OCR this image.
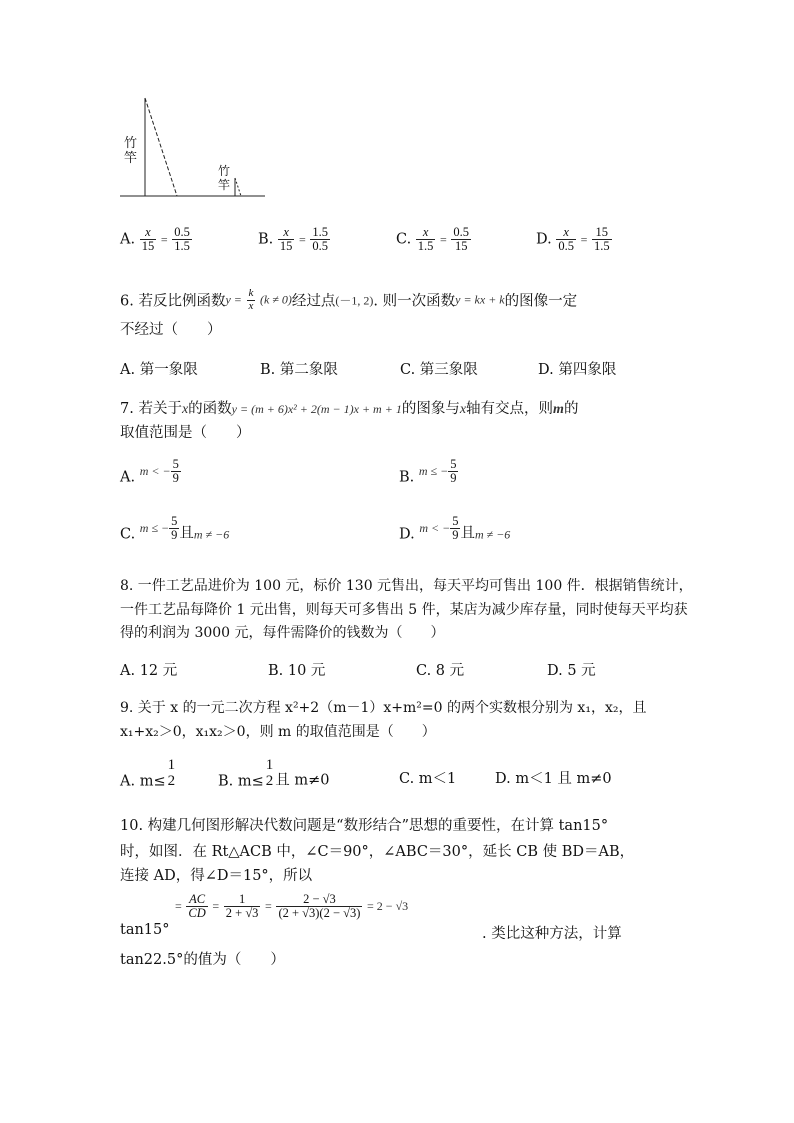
竹
竿
竹
竿
A. $\frac{x}{15} = \frac{0.5}{1.5}$	B. $\frac{x}{15} = \frac{1.5}{0.5}$	C. $\frac{x}{1.5} = \frac{0.5}{15}$	D. $\frac{x}{0.5} = \frac{15}{1.5}$
6. 若反比例函数$y = \frac{k}{x} (k \ne 0)$经过点(－1, 2). 则一次函数y = kx + k的图像一定
不经过（　　）
A. 第一象限	B. 第二象限	C. 第三象限	D. 第四象限
7. 若关于x的函数y = (m + 6)x² + 2(m − 1)x + m + 1的图象与x轴有交点，则m的
取值范围是（　　）
A. m < − $\frac{5}{9}$	B. m ≤ − $\frac{5}{9}$
C. m ≤ − $\frac{5}{9}$ 且m ≠ −6	D. m < − $\frac{5}{9}$ 且m ≠ −6
8. 一件工艺品进价为 100 元，标价 130 元售出，每天平均可售出 100 件．根据销售统计，
一件工艺品每降价 1 元出售，则每天可多售出 5 件，某店为减少库存量，同时使每天平均获
得的利润为 3000 元，每件需降价的钱数为（　　）
A. 12 元	B. 10 元	C. 8 元	D. 5 元
9. 关于 x 的一元二次方程 x²+2（m－1）x+m²=0 的两个实数根分别为 x₁，x₂，且
x₁+x₂＞0，x₁x₂＞0，则 m 的取值范围是（　　）
A. m≤
1
2	B. m≤
1
2 且 m≠0	C. m＜1	D. m＜1 且 m≠0
10. 构建几何图形解决代数问题是“数形结合”思想的重要性，在计算 tan15°
时，如图．在 Rt△ACB 中，∠C＝90°，∠ABC＝30°，延长 CB 使 BD＝AB，
连接 AD，得∠D＝15°，所以
tan15°
= $\frac{AC}{CD} = \frac{1}{2 + √3} = \frac{2 - √3}{(2 + √3)(2 - √3)} = 2 - √3$
. 类比这种方法，计算
tan22.5°的值为（　　）
